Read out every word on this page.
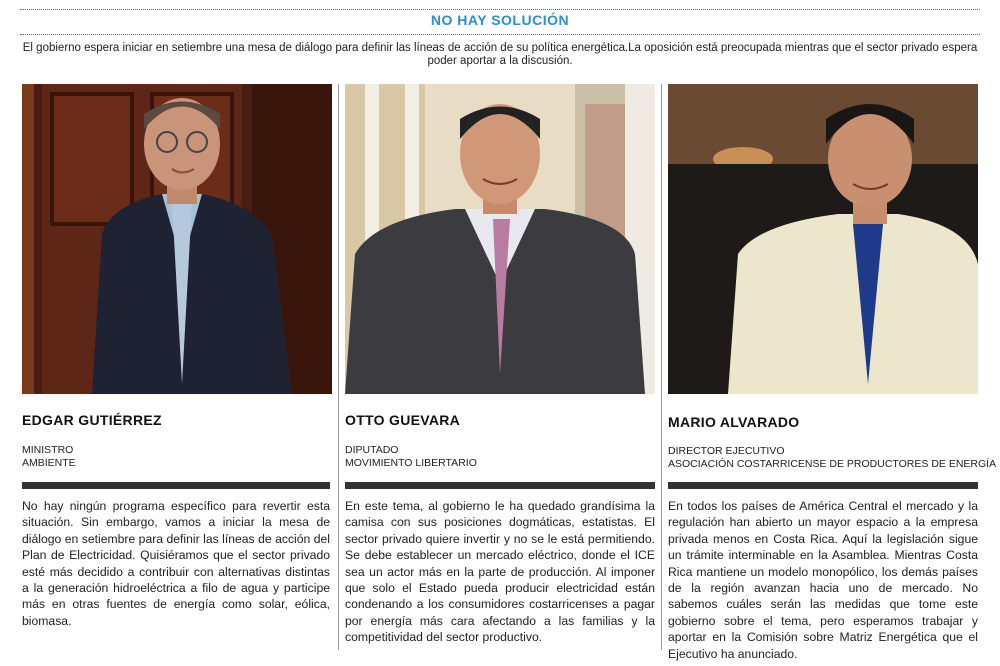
NO HAY SOLUCIÓN
El gobierno espera iniciar en setiembre una mesa de diálogo para definir las líneas de acción de su política energética.La oposición está preocupada mientras que el sector privado espera poder aportar a la discusión.
EDGAR GUTIÉRREZ
MINISTRO
AMBIENTE
No hay ningún programa específico para revertir esta situación. Sin embargo, vamos a iniciar la mesa de diálogo en setiembre para definir las líneas de acción del Plan de Electricidad. Quisiéramos que el sector privado esté más decidido a contribuir con alternativas distintas a la generación hidroeléctrica a filo de agua y participe más en otras fuentes de energía como solar, eólica, biomasa.
OTTO GUEVARA
DIPUTADO
MOVIMIENTO LIBERTARIO
En este tema, al gobierno le ha quedado grandísima la camisa con sus posiciones dogmáticas, estatistas. El sector privado quiere invertir y no se le está permitiendo. Se debe establecer un mercado eléctrico, donde el ICE sea un actor más en la parte de producción. Al imponer que solo el Estado pueda producir electricidad están condenando a los consumidores costarricenses a pagar por energía más cara afectando a las familias y la competitividad del sector productivo.
MARIO ALVARADO
DIRECTOR EJECUTIVO
ASOCIACIÓN COSTARRICENSE DE PRODUCTORES DE ENERGÍA
En todos los países de América Central el mercado y la regulación han abierto un mayor espacio a la empresa privada menos en Costa Rica. Aquí la legislación sigue un trámite interminable en la Asamblea. Mientras Costa Rica mantiene un modelo monopólico, los demás países de la región avanzan hacia uno de mercado. No sabemos cuáles serán las medidas que tome este gobierno sobre el tema, pero esperamos trabajar y aportar en la Comisión sobre Matriz Energética que el Ejecutivo ha anunciado.
